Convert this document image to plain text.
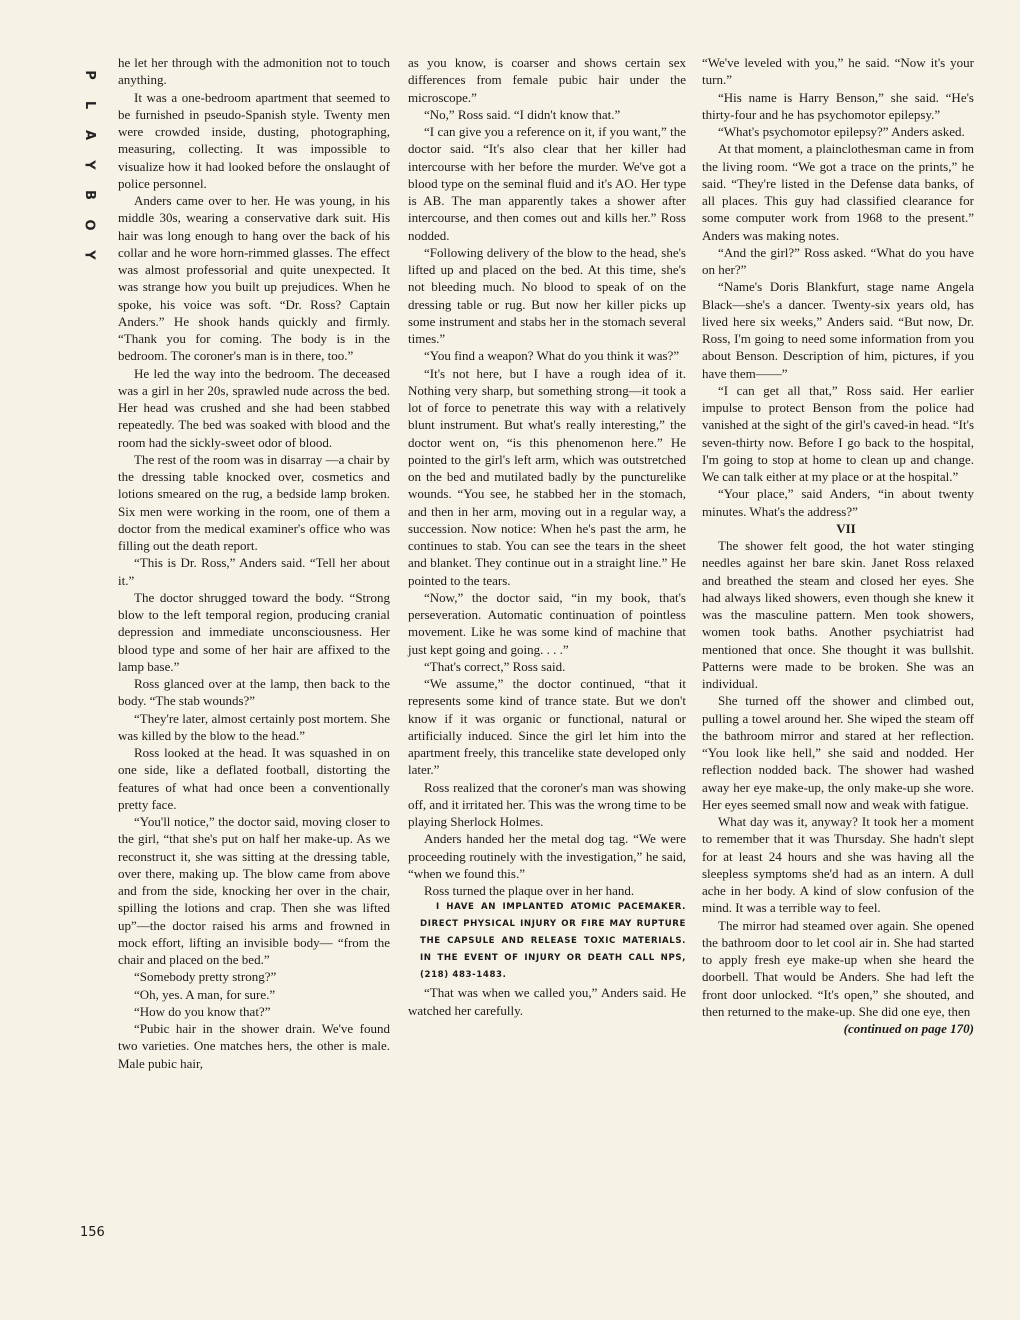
P
L
A
Y
B
O
Y

he let her through with the admonition not to touch anything.

It was a one-bedroom apartment that seemed to be furnished in pseudo-Spanish style. Twenty men were crowded inside, dusting, photographing, measuring, collecting. It was impossible to visualize how it had looked before the onslaught of police personnel.

Anders came over to her. He was young, in his middle 30s, wearing a conservative dark suit. His hair was long enough to hang over the back of his collar and he wore horn-rimmed glasses. The effect was almost professorial and quite unexpected. It was strange how you built up prejudices. When he spoke, his voice was soft. “Dr. Ross? Captain Anders.” He shook hands quickly and firmly. “Thank you for coming. The body is in the bedroom. The coroner's man is in there, too.”

He led the way into the bedroom. The deceased was a girl in her 20s, sprawled nude across the bed. Her head was crushed and she had been stabbed repeatedly. The bed was soaked with blood and the room had the sickly-sweet odor of blood.

The rest of the room was in disarray —a chair by the dressing table knocked over, cosmetics and lotions smeared on the rug, a bedside lamp broken. Six men were working in the room, one of them a doctor from the medical examiner's office who was filling out the death report.

“This is Dr. Ross,” Anders said. “Tell her about it.”

The doctor shrugged toward the body. “Strong blow to the left temporal region, producing cranial depression and immediate unconsciousness. Her blood type and some of her hair are affixed to the lamp base.”

Ross glanced over at the lamp, then back to the body. “The stab wounds?”

“They're later, almost certainly post mortem. She was killed by the blow to the head.”

Ross looked at the head. It was squashed in on one side, like a deflated football, distorting the features of what had once been a conventionally pretty face.

“You'll notice,” the doctor said, moving closer to the girl, “that she's put on half her make-up. As we reconstruct it, she was sitting at the dressing table, over there, making up. The blow came from above and from the side, knocking her over in the chair, spilling the lotions and crap. Then she was lifted up”—the doctor raised his arms and frowned in mock effort, lifting an invisible body— “from the chair and placed on the bed.”

“Somebody pretty strong?”

“Oh, yes. A man, for sure.”

“How do you know that?”

“Pubic hair in the shower drain. We've found two varieties. One matches hers, the other is male. Male pubic hair,

as you know, is coarser and shows certain sex differences from female pubic hair under the microscope.”

“No,” Ross said. “I didn't know that.”

“I can give you a reference on it, if you want,” the doctor said. “It's also clear that her killer had intercourse with her before the murder. We've got a blood type on the seminal fluid and it's AO. Her type is AB. The man apparently takes a shower after intercourse, and then comes out and kills her.” Ross nodded.

“Following delivery of the blow to the head, she's lifted up and placed on the bed. At this time, she's not bleeding much. No blood to speak of on the dressing table or rug. But now her killer picks up some instrument and stabs her in the stomach several times.”

“You find a weapon? What do you think it was?”

“It's not here, but I have a rough idea of it. Nothing very sharp, but something strong—it took a lot of force to penetrate this way with a relatively blunt instrument. But what's really interesting,” the doctor went on, “is this phenomenon here.” He pointed to the girl's left arm, which was outstretched on the bed and mutilated badly by the puncturelike wounds. “You see, he stabbed her in the stomach, and then in her arm, moving out in a regular way, a succession. Now notice: When he's past the arm, he continues to stab. You can see the tears in the sheet and blanket. They continue out in a straight line.” He pointed to the tears.

“Now,” the doctor said, “in my book, that's perseveration. Automatic continuation of pointless movement. Like he was some kind of machine that just kept going and going. . . .”

“That's correct,” Ross said.

“We assume,” the doctor continued, “that it represents some kind of trance state. But we don't know if it was organic or functional, natural or artificially induced. Since the girl let him into the apartment freely, this trancelike state developed only later.”

Ross realized that the coroner's man was showing off, and it irritated her. This was the wrong time to be playing Sherlock Holmes.

Anders handed her the metal dog tag. “We were proceeding routinely with the investigation,” he said, “when we found this.”

Ross turned the plaque over in her hand.

I HAVE AN IMPLANTED ATOMIC PACEMAKER. DIRECT PHYSICAL INJURY OR FIRE MAY RUPTURE THE CAPSULE AND RELEASE TOXIC MATERIALS. IN THE EVENT OF INJURY OR DEATH CALL NPS, (218) 483-1483.

“That was when we called you,” Anders said. He watched her carefully.

“We've leveled with you,” he said. “Now it's your turn.”

“His name is Harry Benson,” she said. “He's thirty-four and he has psychomotor epilepsy.”

“What's psychomotor epilepsy?” Anders asked.

At that moment, a plainclothesman came in from the living room. “We got a trace on the prints,” he said. “They're listed in the Defense data banks, of all places. This guy had classified clearance for some computer work from 1968 to the present.” Anders was making notes.

“And the girl?” Ross asked. “What do you have on her?”

“Name's Doris Blankfurt, stage name Angela Black—she's a dancer. Twenty-six years old, has lived here six weeks,” Anders said. “But now, Dr. Ross, I'm going to need some information from you about Benson. Description of him, pictures, if you have them——”

“I can get all that,” Ross said. Her earlier impulse to protect Benson from the police had vanished at the sight of the girl's caved-in head. “It's seven-thirty now. Before I go back to the hospital, I'm going to stop at home to clean up and change. We can talk either at my place or at the hospital.”

“Your place,” said Anders, “in about twenty minutes. What's the address?”

VII

The shower felt good, the hot water stinging needles against her bare skin. Janet Ross relaxed and breathed the steam and closed her eyes. She had always liked showers, even though she knew it was the masculine pattern. Men took showers, women took baths. Another psychiatrist had mentioned that once. She thought it was bullshit. Patterns were made to be broken. She was an individual.

She turned off the shower and climbed out, pulling a towel around her. She wiped the steam off the bathroom mirror and stared at her reflection. “You look like hell,” she said and nodded. Her reflection nodded back. The shower had washed away her eye make-up, the only make-up she wore. Her eyes seemed small now and weak with fatigue.

What day was it, anyway? It took her a moment to remember that it was Thursday. She hadn't slept for at least 24 hours and she was having all the sleepless symptoms she'd had as an intern. A dull ache in her body. A kind of slow confusion of the mind. It was a terrible way to feel.

The mirror had steamed over again. She opened the bathroom door to let cool air in. She had started to apply fresh eye make-up when she heard the doorbell. That would be Anders. She had left the front door unlocked. “It's open,” she shouted, and then returned to the make-up. She did one eye, then

(continued on page 170)

156
